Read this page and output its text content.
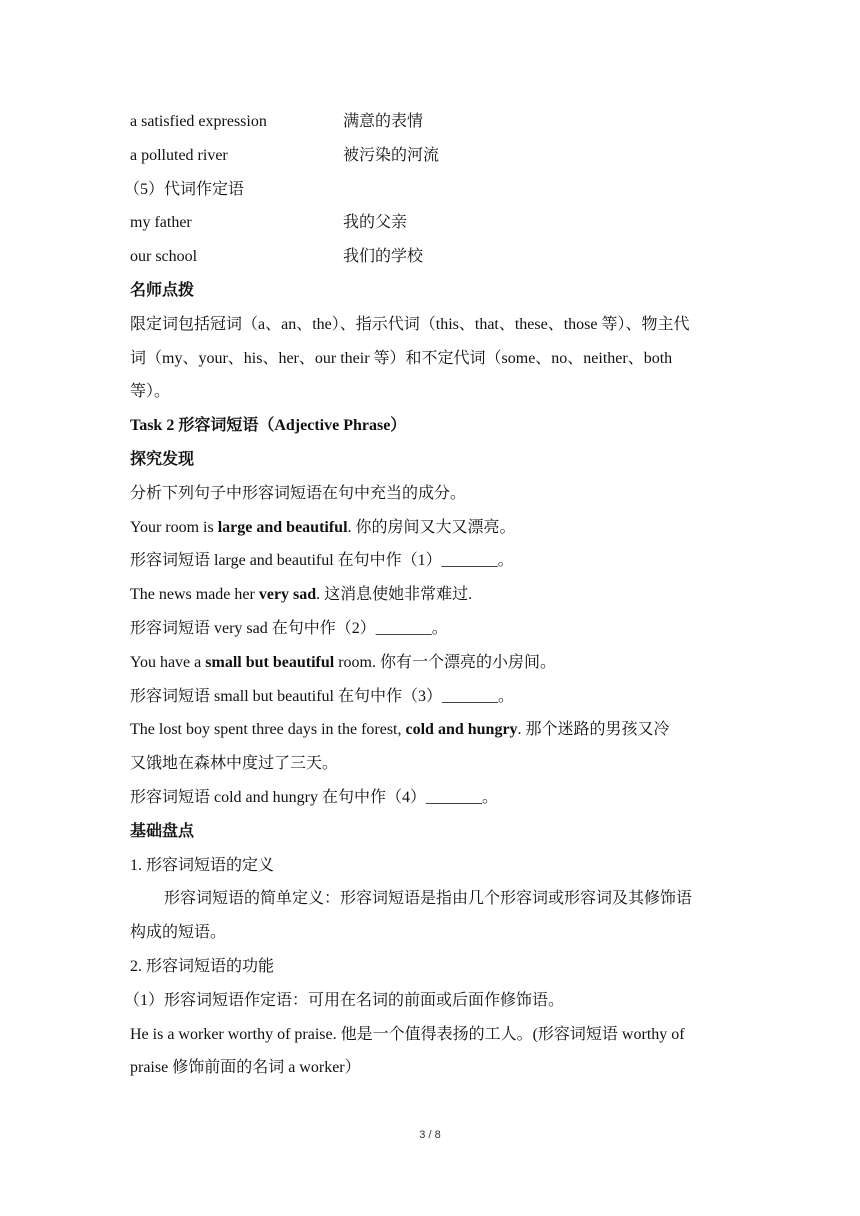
a satisfied expression	满意的表情
a polluted river	被污染的河流
（5）代词作定语
my father	我的父亲
our school	我们的学校
名师点拨
限定词包括冠词（a、an、the）、指示代词（this、that、these、those 等）、物主代
词（my、your、his、her、our their 等）和不定代词（some、no、neither、both
等）。
Task 2 形容词短语（Adjective Phrase）
探究发现
分析下列句子中形容词短语在句中充当的成分。
Your room is large and beautiful. 你的房间又大又漂亮。
形容词短语 large and beautiful 在句中作（1）_______。
The news made her very sad. 这消息使她非常难过.
形容词短语 very sad 在句中作（2）_______。
You have a small but beautiful room. 你有一个漂亮的小房间。
形容词短语 small but beautiful 在句中作（3）_______。
The lost boy spent three days in the forest, cold and hungry. 那个迷路的男孩又冷
又饿地在森林中度过了三天。
形容词短语 cold and hungry 在句中作（4）_______。
基础盘点
1. 形容词短语的定义
形容词短语的简单定义：形容词短语是指由几个形容词或形容词及其修饰语
构成的短语。
2. 形容词短语的功能
（1）形容词短语作定语：可用在名词的前面或后面作修饰语。
He is a worker worthy of praise. 他是一个值得表扬的工人。(形容词短语 worthy of
praise 修饰前面的名词 a worker）
3 / 8
